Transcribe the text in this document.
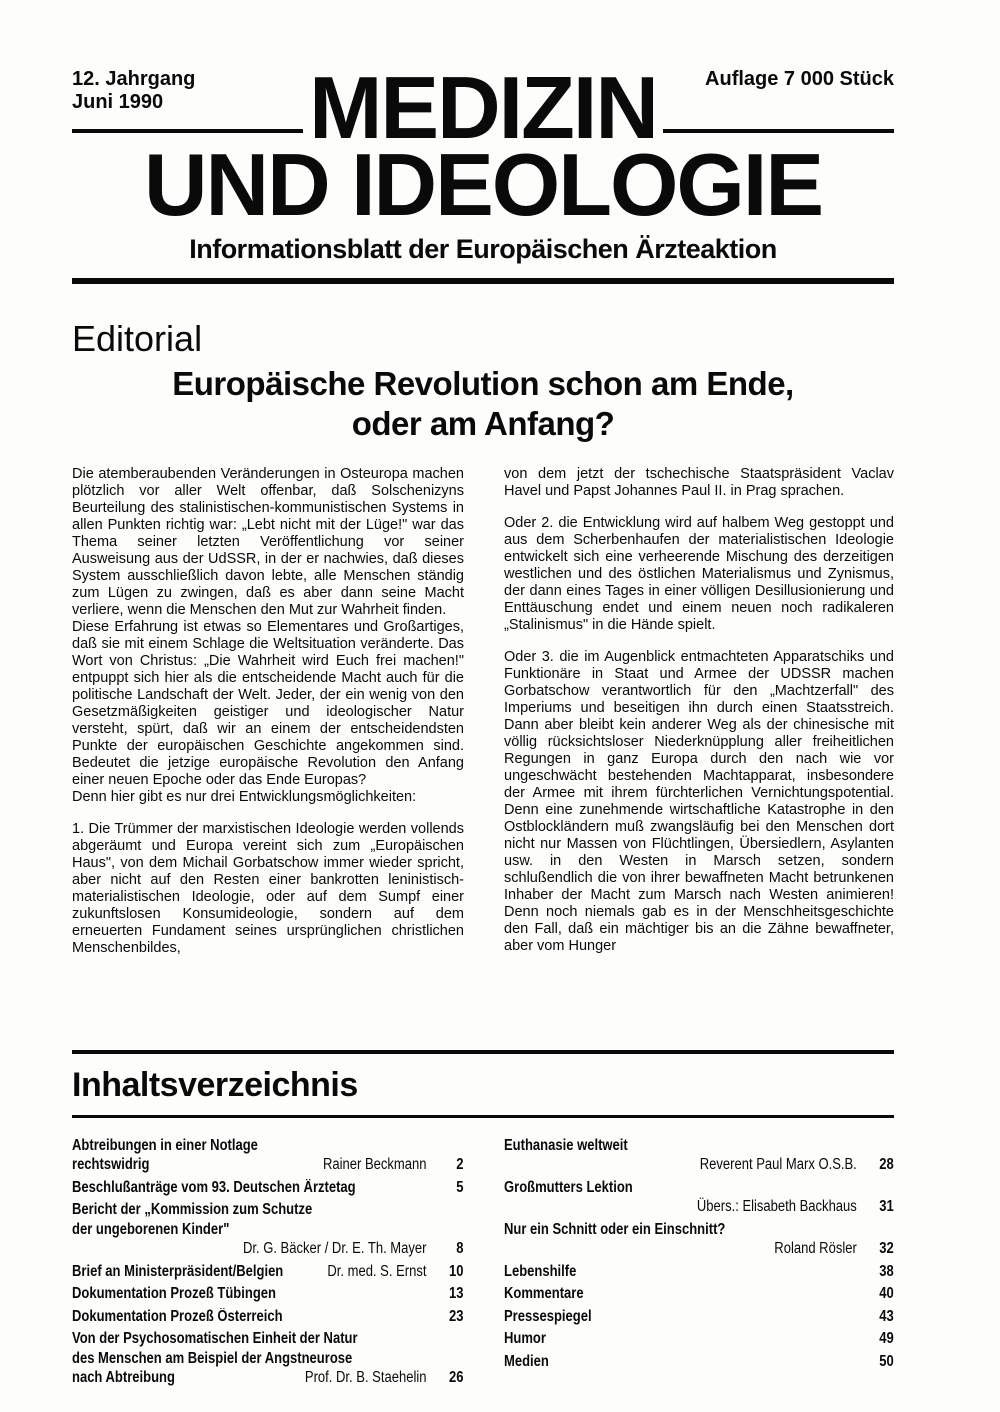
12. Jahrgang
Juni 1990
Auflage 7 000 Stück
MEDIZIN
UND IDEOLOGIE
Informationsblatt der Europäischen Ärzteaktion
Editorial
Europäische Revolution schon am Ende,
oder am Anfang?
Die atemberaubenden Veränderungen in Osteuropa machen plötzlich vor aller Welt offenbar, daß Solschenizyns Beurteilung des stalinistischen-kommunistischen Systems in allen Punkten richtig war: „Lebt nicht mit der Lüge!" war das Thema seiner letzten Veröffentlichung vor seiner Ausweisung aus der UdSSR, in der er nachwies, daß dieses System ausschließlich davon lebte, alle Menschen ständig zum Lügen zu zwingen, daß es aber dann seine Macht verliere, wenn die Menschen den Mut zur Wahrheit finden.
Diese Erfahrung ist etwas so Elementares und Großartiges, daß sie mit einem Schlage die Weltsituation veränderte. Das Wort von Christus: „Die Wahrheit wird Euch frei machen!" entpuppt sich hier als die entscheidende Macht auch für die politische Landschaft der Welt. Jeder, der ein wenig von den Gesetzmäßigkeiten geistiger und ideologischer Natur versteht, spürt, daß wir an einem der entscheidendsten Punkte der europäischen Geschichte angekommen sind. Bedeutet die jetzige europäische Revolution den Anfang einer neuen Epoche oder das Ende Europas?
Denn hier gibt es nur drei Entwicklungsmöglichkeiten:
1. Die Trümmer der marxistischen Ideologie werden vollends abgeräumt und Europa vereint sich zum „Europäischen Haus", von dem Michail Gorbatschow immer wieder spricht, aber nicht auf den Resten einer bankrotten leninistisch-materialistischen Ideologie, oder auf dem Sumpf einer zukunftslosen Konsumideologie, sondern auf dem erneuerten Fundament seines ursprünglichen christlichen Menschenbildes,
von dem jetzt der tschechische Staatspräsident Vaclav Havel und Papst Johannes Paul II. in Prag sprachen.
Oder 2. die Entwicklung wird auf halbem Weg gestoppt und aus dem Scherbenhaufen der materialistischen Ideologie entwickelt sich eine verheerende Mischung des derzeitigen westlichen und des östlichen Materialismus und Zynismus, der dann eines Tages in einer völligen Desillusionierung und Enttäuschung endet und einem neuen noch radikaleren „Stalinismus" in die Hände spielt.
Oder 3. die im Augenblick entmachteten Apparatschiks und Funktionäre in Staat und Armee der UDSSR machen Gorbatschow verantwortlich für den „Machtzerfall" des Imperiums und beseitigen ihn durch einen Staatsstreich. Dann aber bleibt kein anderer Weg als der chinesische mit völlig rücksichtsloser Niederknüpplung aller freiheitlichen Regungen in ganz Europa durch den nach wie vor ungeschwächt bestehenden Machtapparat, insbesondere der Armee mit ihrem fürchterlichen Vernichtungspotential. Denn eine zunehmende wirtschaftliche Katastrophe in den Ostblockländern muß zwangsläufig bei den Menschen dort nicht nur Massen von Flüchtlingen, Übersiedlern, Asylanten usw. in den Westen in Marsch setzen, sondern schlußendlich die von ihrer bewaffneten Macht betrunkenen Inhaber der Macht zum Marsch nach Westen animieren! Denn noch niemals gab es in der Menschheitsgeschichte den Fall, daß ein mächtiger bis an die Zähne bewaffneter, aber vom Hunger
Inhaltsverzeichnis
Abtreibungen in einer Notlage
rechtswidrig	Rainer Beckmann	2
Beschlußanträge vom 93. Deutschen Ärztetag	5
Bericht der „Kommission zum Schutze
der ungeborenen Kinder"
Dr. G. Bäcker / Dr. E. Th. Mayer	8
Brief an Ministerpräsident/Belgien	Dr. med. S. Ernst	10
Dokumentation Prozeß Tübingen	13
Dokumentation Prozeß Österreich	23
Von der Psychosomatischen Einheit der Natur
des Menschen am Beispiel der Angstneurose
nach Abtreibung	Prof. Dr. B. Staehelin	26
Euthanasie weltweit
Reverent Paul Marx O.S.B.	28
Großmutters Lektion
Übers.: Elisabeth Backhaus	31
Nur ein Schnitt oder ein Einschnitt?
Roland Rösler	32
Lebenshilfe	38
Kommentare	40
Pressespiegel	43
Humor	49
Medien	50
